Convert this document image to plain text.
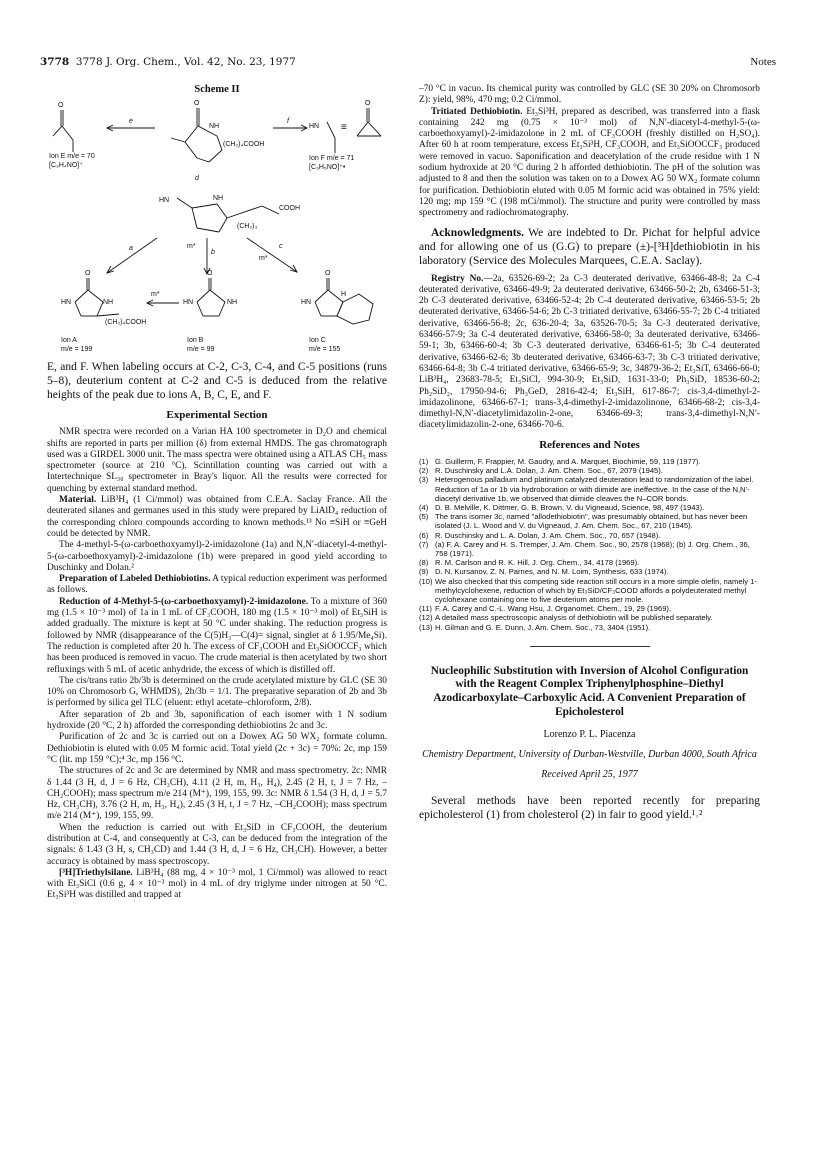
3778 3778 J. Org. Chem., Vol. 42, No. 23, 1977	Notes
Scheme II
O
Ion E m/e = 70
[C₃H₄NO]⁺
e
O
NH
(CH₂)₄COOH
d
f
HN ≡
O
Ion F m/e = 71
[C₃H₅NO]⁺•
HN	NH
COOH
(CH₂)₃
m*
a
b
c
m*
O
HN	NH
(CH₂)₄COOH
Ion A
m/e = 199
m*
O
HN	NH
Ion B
m/e = 99
O
HN
H
Ion C
m/e = 155

E, and F. When labeling occurs at C-2, C-3, C-4, and C-5 positions (runs 5–8), deuterium content at C-2 and C-5 is deduced from the relative heights of the peak due to ions A, B, C, E, and F.

Experimental Section

NMR spectra were recorded on a Varian HA 100 spectrometer in D₂O and chemical shifts are reported in parts per million (δ) from external HMDS. The gas chromatograph used was a GIRDEL 3000 unit. The mass spectra were obtained using a ATLAS CH₅ mass spectrometer (source at 210 °C). Scintillation counting was carried out with a Intertechnique SL₃₀ spectrometer in Bray's liquor. All the results were corrected for quenching by external standard method.

Material. LiB³H₄ (1 Ci/mmol) was obtained from C.E.A. Saclay France. All the deuterated silanes and germanes used in this study were prepared by LiAlD₄ reduction of the corresponding chloro compounds according to known methods.¹³ No ≡SiH or ≡GeH could be detected by NMR.

The 4-methyl-5-(ω-carboethoxyamyl)-2-imidazolone (1a) and N,N′-diacetyl-4-methyl-5-(ω-carboethoxyamyl)-2-imidazolone (1b) were prepared in good yield according to Duschinky and Dolan.²

Preparation of Labeled Dethiobiotins. A typical reduction experiment was performed as follows.

Reduction of 4-Methyl-5-(ω-carboethoxyamyl)-2-imidazolone. To a mixture of 360 mg (1.5 × 10⁻³ mol) of 1a in 1 mL of CF₃COOH, 180 mg (1.5 × 10⁻³ mol) of Et₃SiH is added gradually. The mixture is kept at 50 °C under shaking. The reduction progress is followed by NMR (disappearance of the C(5)H₃—C(4)= signal, singlet at δ 1.95/Me₄Si). The reduction is completed after 20 h. The excess of CF₃COOH and Et₃SiOOCCF₃ which has been produced is removed in vacuo. The crude material is then acetylated by two short refluxings with 5 mL of acetic anhydride, the excess of which is distilled off.

The cis/trans ratio 2b/3b is determined on the crude acetylated mixture by GLC (SE 30 10% on Chromosorb G, WHMDS), 2b/3b = 1/1. The preparative separation of 2b and 3b is performed by silica gel TLC (eluent: ethyl acetate–chloroform, 2/8).

After separation of 2b and 3b, saponification of each isomer with 1 N sodium hydroxide (20 °C, 2 h) afforded the corresponding dethiobiotins 2c and 3c.

Purification of 2c and 3c is carried out on a Dowex AG 50 WX₂ formate column. Dethiobiotin is eluted with 0.05 M formic acid. Total yield (2c + 3c) = 70%: 2c, mp 159 °C (lit. mp 159 °C);⁴ 3c, mp 156 °C.

The structures of 2c and 3c are determined by NMR and mass spectrometry. 2c: NMR δ 1.44 (3 H, d, J = 6 Hz, CH₃CH), 4.11 (2 H, m, H₃, H₄), 2.45 (2 H, t, J = 7 Hz, –CH₂COOH); mass spectrum m/e 214 (M⁺), 199, 155, 99. 3c: NMR δ 1.54 (3 H, d, J = 5.7 Hz, CH₃CH), 3.76 (2 H, m, H₃, H₄), 2.45 (3 H, t, J = 7 Hz, –CH₂COOH); mass spectrum m/e 214 (M⁺), 199, 155, 99.

When the reduction is carried out with Et₃SiD in CF₃COOH, the deuterium distribution at C-4, and consequently at C-3, can be deduced from the integration of the signals: δ 1.43 (3 H, s, CH₃CD) and 1.44 (3 H, d, J = 6 Hz, CH₃CH). However, a better accuracy is obtained by mass spectroscopy.

[³H]Triethylsilane. LiB³H₄ (88 mg, 4 × 10⁻³ mol, 1 Ci/mmol) was allowed to react with Et₃SiCl (0.6 g, 4 × 10⁻³ mol) in 4 mL of dry triglyme under nitrogen at 50 °C. Et₃Si³H was distilled and trapped at

–70 °C in vacuo. Its chemical purity was controlled by GLC (SE 30 20% on Chromosorb Z): yield, 98%, 470 mg; 0.2 Ci/mmol.

Tritiated Dethiobiotin. Et₃Si³H, prepared as described, was transferred into a flask containing 242 mg (0.75 × 10⁻³ mol) of N,N′-diacetyl-4-methyl-5-(ω-carboethoxyamyl)-2-imidazolone in 2 mL of CF₃COOH (freshly distilled on H₂SO₄). After 60 h at room temperature, excess Et₃Si³H, CF₃COOH, and Et₃SiOOCCF₃ produced were removed in vacuo. Saponification and deacetylation of the crude residue with 1 N sodium hydroxide at 20 °C during 2 h afforded dethiobiotin. The pH of the solution was adjusted to 8 and then the solution was taken on to a Dowex AG 50 WX₂ formate column for purification. Dethiobiotin eluted with 0.05 M formic acid was obtained in 75% yield: 120 mg; mp 159 °C (198 mCi/mmol). The structure and purity were controlled by mass spectrometry and radiochromatography.

Acknowledgments. We are indebted to Dr. Pichat for helpful advice and for allowing one of us (G.G) to prepare (±)-[³H]dethiobiotin in his laboratory (Service des Molecules Marquees, C.E.A. Saclay).

Registry No.—2a, 63526-69-2; 2a C-3 deuterated derivative, 63466-48-8; 2a C-4 deuterated derivative, 63466-49-9; 2a deuterated derivative, 63466-50-2; 2b, 63466-51-3; 2b C-3 deuterated derivative, 63466-52-4; 2b C-4 deuterated derivative, 63466-53-5; 2b deuterated derivative, 63466-54-6; 2b C-3 tritiated derivative, 63466-55-7; 2b C-4 tritiated derivative, 63466-56-8; 2c, 636-20-4; 3a, 63526-70-5; 3a C-3 deuterated derivative, 63466-57-9; 3a C-4 deuterated derivative, 63466-58-0; 3a deuterated derivative, 63466-59-1; 3b, 63466-60-4; 3b C-3 deuterated derivative, 63466-61-5; 3b C-4 deuterated derivative, 63466-62-6; 3b deuterated derivative, 63466-63-7; 3b C-3 tritiated derivative, 63466-64-8; 3b C-4 tritiated derivative, 63466-65-9; 3c, 34879-36-2; Et₃SiT, 63466-66-0; LiB³H₄, 23683-78-5; Et₃SiCl, 994-30-9; Et₃SiD, 1631-33-0; Ph₃SiD, 18536-60-2; Ph₂SiD₂, 17950-94-6; Ph₃GeD, 2816-42-4; Et₃SiH, 617-86-7; cis-3,4-dimethyl-2-imidazolinone, 63466-67-1; trans-3,4-dimethyl-2-imidazolinone, 63466-68-2; cis-3,4-dimethyl-N,N′-diacetylimidazolin-2-one, 63466-69-3; trans-3,4-dimethyl-N,N′-diacetylimidazolin-2-one, 63466-70-6.

References and Notes
(1) G. Guillerm, F. Frappier, M. Gaudry, and A. Marquet, Biochimie, 59, 119 (1977).
(2) R. Duschinsky and L.A. Dolan, J. Am. Chem. Soc., 67, 2079 (1945).
(3) Heterogenous palladium and platinum catalyzed deuteration lead to randomization of the label. Reduction of 1a or 1b via hydroboration or with diimide are ineffective. In the case of the N,N′-diacetyl derivative 1b, we observed that diimide cleaves the N–COR bonds.
(4) D. B. Melville, K. Dittmer, G. B. Brown, V. du Vigneaud, Science, 98, 497 (1943).
(5) The trans isomer 3c, named "allodethiobiotin", was presumably obtained, but has never been isolated (J. L. Wood and V. du Vigneaud, J. Am. Chem. Soc., 67, 210 (1945).
(6) R. Duschinsky and L. A. Dolan, J. Am. Chem. Soc., 70, 657 (1948).
(7) (a) F. A. Carey and H. S. Tremper, J. Am. Chem. Soc., 90, 2578 (1968); (b) J. Org. Chem., 36, 758 (1971).
(8) R. M. Carlson and R. K. Hill, J. Org. Chem., 34, 4178 (1969).
(9) D. N. Kursanov, Z. N. Parnes, and N. M. Loim, Synthesis, 633 (1974).
(10) We also checked that this competing side reaction still occurs in a more simple olefin, namely 1-methylcyclohexene, reduction of which by Et₃SiD/CF₃COOD affords a polydeuterated methyl cyclohexane containing one to five deuterium atoms per mole.
(11) F. A. Carey and C.-L. Wang Hsu, J. Organomet. Chem., 19, 29 (1969).
(12) A detailed mass spectroscopic analysis of dethiobiotin will be published separately.
(13) H. Gilman and G. E. Dunn, J. Am. Chem. Soc., 73, 3404 (1951).
Nucleophilic Substitution with Inversion of Alcohol Configuration with the Reagent Complex Triphenylphosphine–Diethyl Azodicarboxylate–Carboxylic Acid. A Convenient Preparation of Epicholesterol

Lorenzo P. L. Piacenza

Chemistry Department, University of Durban-Westville, Durban 4000, South Africa

Received April 25, 1977

Several methods have been reported recently for preparing epicholesterol (1) from cholesterol (2) in fair to good yield.¹˒²
